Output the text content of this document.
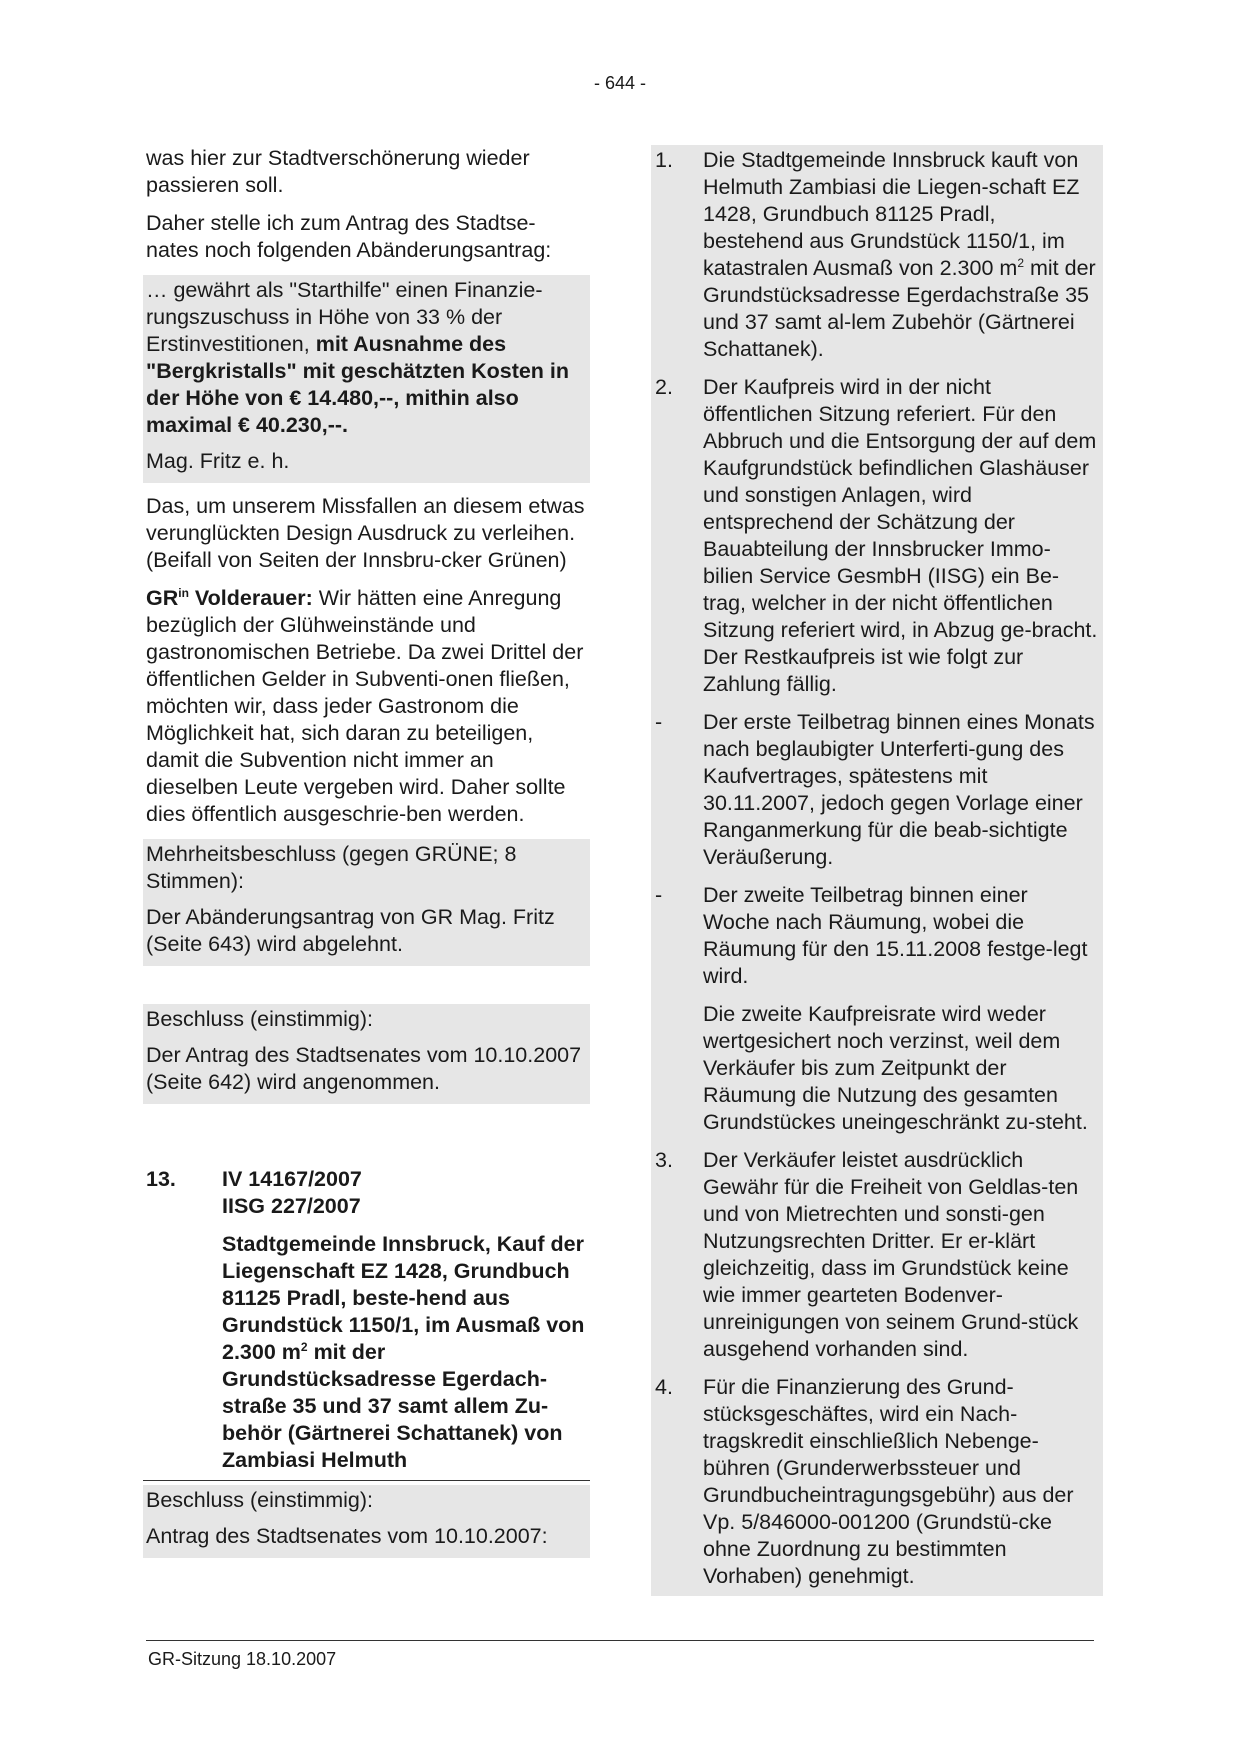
- 644 -

was hier zur Stadtverschönerung wieder passieren soll.

Daher stelle ich zum Antrag des Stadtse-nates noch folgenden Abänderungsantrag:

… gewährt als "Starthilfe" einen Finanzie-rungszuschuss in Höhe von 33 % der Erstinvestitionen, mit Ausnahme des "Bergkristalls" mit geschätzten Kosten in der Höhe von € 14.480,--, mithin also maximal € 40.230,--.

Mag. Fritz e. h.

Das, um unserem Missfallen an diesem etwas verunglückten Design Ausdruck zu verleihen. (Beifall von Seiten der Innsbru-cker Grünen)

$GR^{in}$ Volderauer: Wir hätten eine Anregung bezüglich der Glühweinstände und gastronomischen Betriebe. Da zwei Drittel der öffentlichen Gelder in Subventi-onen fließen, möchten wir, dass jeder Gastronom die Möglichkeit hat, sich daran zu beteiligen, damit die Subvention nicht immer an dieselben Leute vergeben wird. Daher sollte dies öffentlich ausgeschrie-ben werden.

Mehrheitsbeschluss (gegen GRÜNE; 8 Stimmen):

Der Abänderungsantrag von GR Mag. Fritz (Seite 643) wird abgelehnt.

Beschluss (einstimmig):

Der Antrag des Stadtsenates vom 10.10.2007 (Seite 642) wird angenommen.

13.	IV 14167/2007
IISG 227/2007
Stadtgemeinde Innsbruck, Kauf der Liegenschaft EZ 1428, Grundbuch 81125 Pradl, beste-hend aus Grundstück 1150/1, im Ausmaß von 2.300 $m^2$ mit der Grundstücksadresse Egerdach-straße 35 und 37 samt allem Zu-behör (Gärtnerei Schattanek) von Zambiasi Helmuth

Beschluss (einstimmig):

Antrag des Stadtsenates vom 10.10.2007:

1.	Die Stadtgemeinde Innsbruck kauft von Helmuth Zambiasi die Liegen-schaft EZ 1428, Grundbuch 81125 Pradl, bestehend aus Grundstück 1150/1, im katastralen Ausmaß von 2.300 $m^2$ mit der Grundstücksadresse Egerdachstraße 35 und 37 samt al-lem Zubehör (Gärtnerei Schattanek).
2.	Der Kaufpreis wird in der nicht öffentlichen Sitzung referiert. Für den Abbruch und die Entsorgung der auf dem Kaufgrundstück befindlichen Glashäuser und sonstigen Anlagen, wird entsprechend der Schätzung der Bauabteilung der Innsbrucker Immo-bilien Service GesmbH (IISG) ein Be-trag, welcher in der nicht öffentlichen Sitzung referiert wird, in Abzug ge-bracht. Der Restkaufpreis ist wie folgt zur Zahlung fällig.
-	Der erste Teilbetrag binnen eines Monats nach beglaubigter Unterferti-gung des Kaufvertrages, spätestens mit 30.11.2007, jedoch gegen Vorlage einer Ranganmerkung für die beab-sichtigte Veräußerung.
-	Der zweite Teilbetrag binnen einer Woche nach Räumung, wobei die Räumung für den 15.11.2008 festge-legt wird.
Die zweite Kaufpreisrate wird weder wertgesichert noch verzinst, weil dem Verkäufer bis zum Zeitpunkt der Räumung die Nutzung des gesamten Grundstückes uneingeschränkt zu-steht.
3.	Der Verkäufer leistet ausdrücklich Gewähr für die Freiheit von Geldlas-ten und von Mietrechten und sonsti-gen Nutzungsrechten Dritter. Er er-klärt gleichzeitig, dass im Grundstück keine wie immer gearteten Bodenver-unreinigungen von seinem Grund-stück ausgehend vorhanden sind.
4.	Für die Finanzierung des Grund-stücksgeschäftes, wird ein Nach-tragskredit einschließlich Nebenge-bühren (Grunderwerbssteuer und Grundbucheintragungsgebühr) aus der Vp. 5/846000-001200 (Grundstü-cke ohne Zuordnung zu bestimmten Vorhaben) genehmigt.
GR-Sitzung 18.10.2007
